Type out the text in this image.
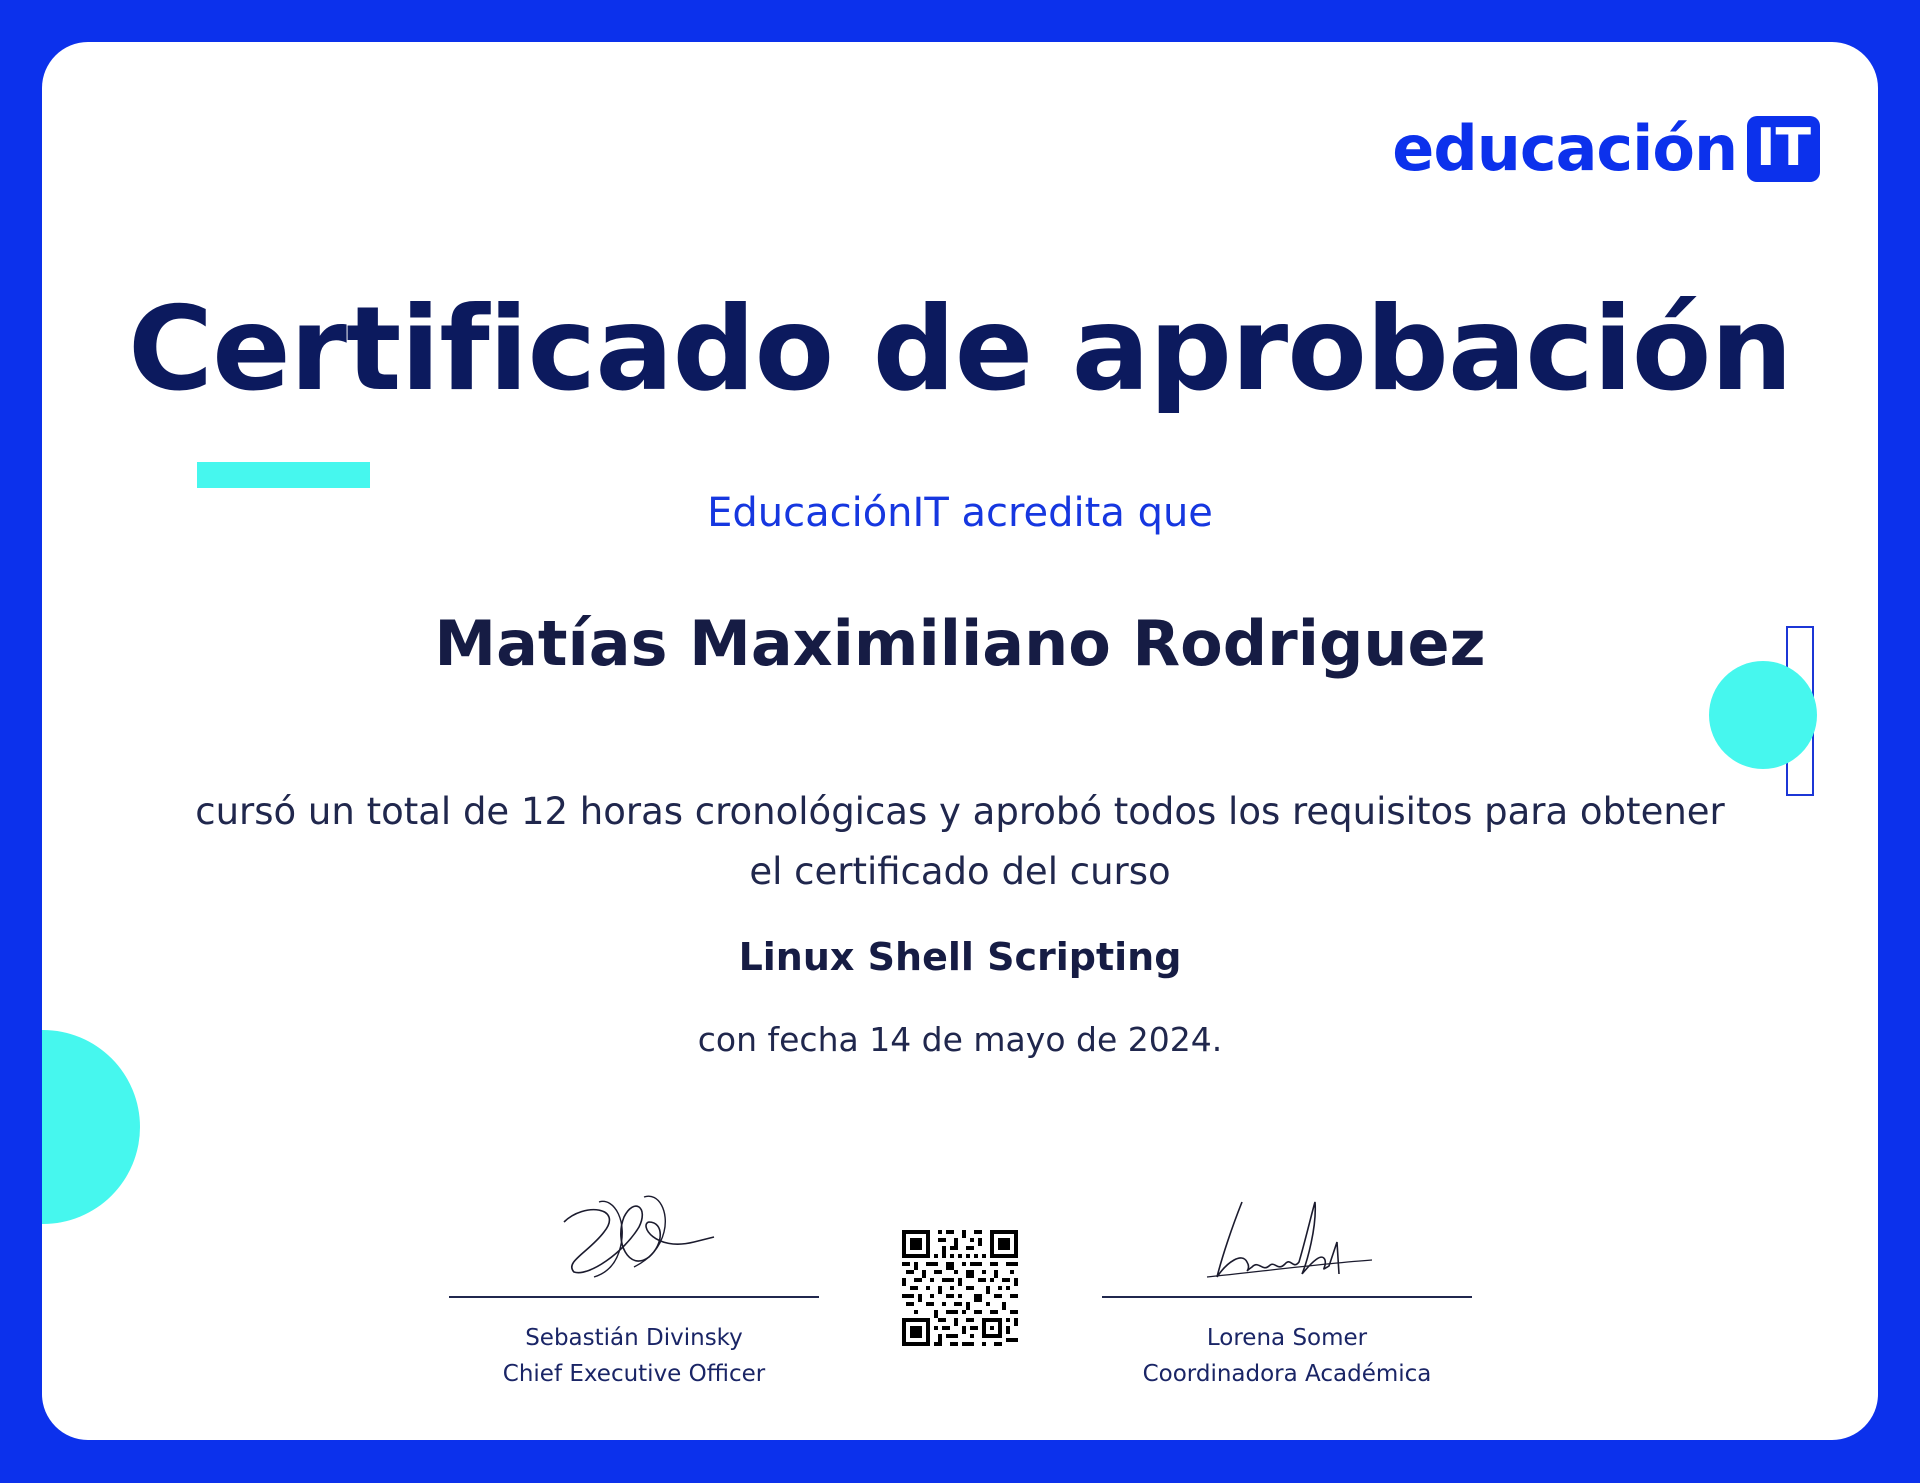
educación IT
Certificado de aprobación
EducaciónIT acredita que
Matías Maximiliano Rodriguez
cursó un total de 12 horas cronológicas y aprobó todos los requisitos para obtener el certificado del curso
Linux Shell Scripting
con fecha 14 de mayo de 2024.
Sebastián Divinsky
Chief Executive Officer
Lorena Somer
Coordinadora Académica
